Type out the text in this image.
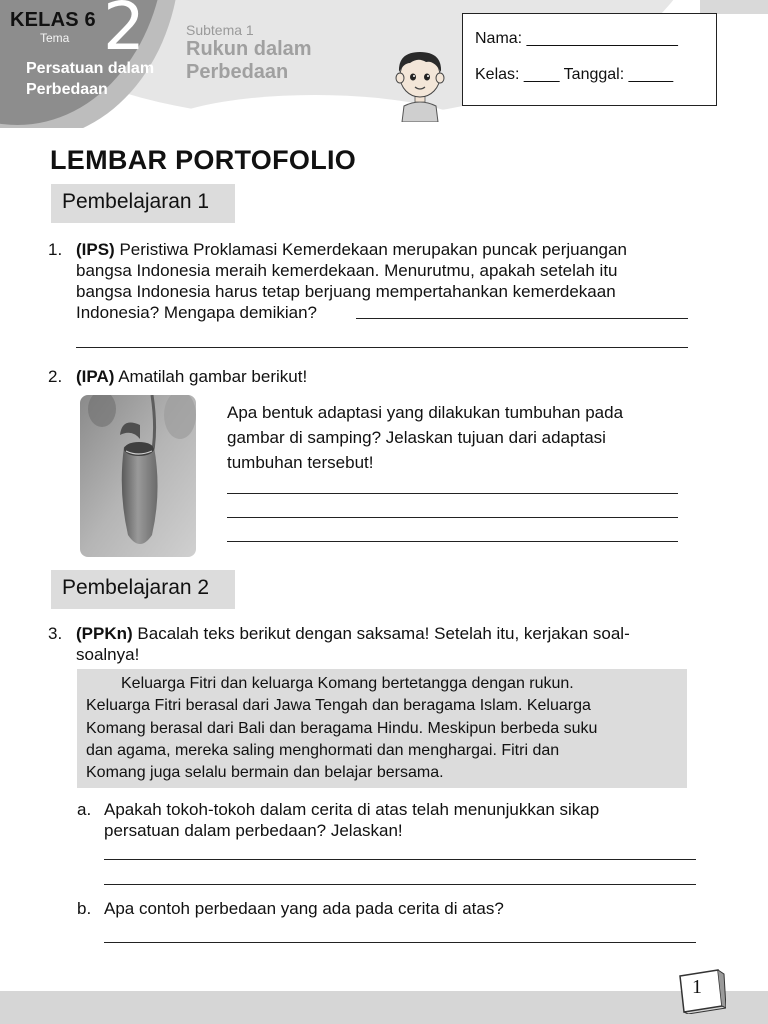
KELAS 6 2
Tema
Persatuan dalam
Perbedaan
Subtema 1
Rukun dalam
Perbedaan
Nama: _________________
Kelas: ____ Tanggal: _____
LEMBAR PORTOFOLIO
Pembelajaran 1
1. (IPS) Peristiwa Proklamasi Kemerdekaan merupakan puncak perjuangan
bangsa Indonesia meraih kemerdekaan. Menurutmu, apakah setelah itu
bangsa Indonesia harus tetap berjuang mempertahankan kemerdekaan
Indonesia? Mengapa demikian?
2. (IPA) Amatilah gambar berikut!
Apa bentuk adaptasi yang dilakukan tumbuhan pada
gambar di samping? Jelaskan tujuan dari adaptasi
tumbuhan tersebut!
Pembelajaran 2
3. (PPKn) Bacalah teks berikut dengan saksama! Setelah itu, kerjakan soal-
soalnya!
Keluarga Fitri dan keluarga Komang bertetangga dengan rukun.
Keluarga Fitri berasal dari Jawa Tengah dan beragama Islam. Keluarga
Komang berasal dari Bali dan beragama Hindu. Meskipun berbeda suku
dan agama, mereka saling menghormati dan menghargai. Fitri dan
Komang juga selalu bermain dan belajar bersama.
a. Apakah tokoh-tokoh dalam cerita di atas telah menunjukkan sikap
persatuan dalam perbedaan? Jelaskan!
b. Apa contoh perbedaan yang ada pada cerita di atas?
1
